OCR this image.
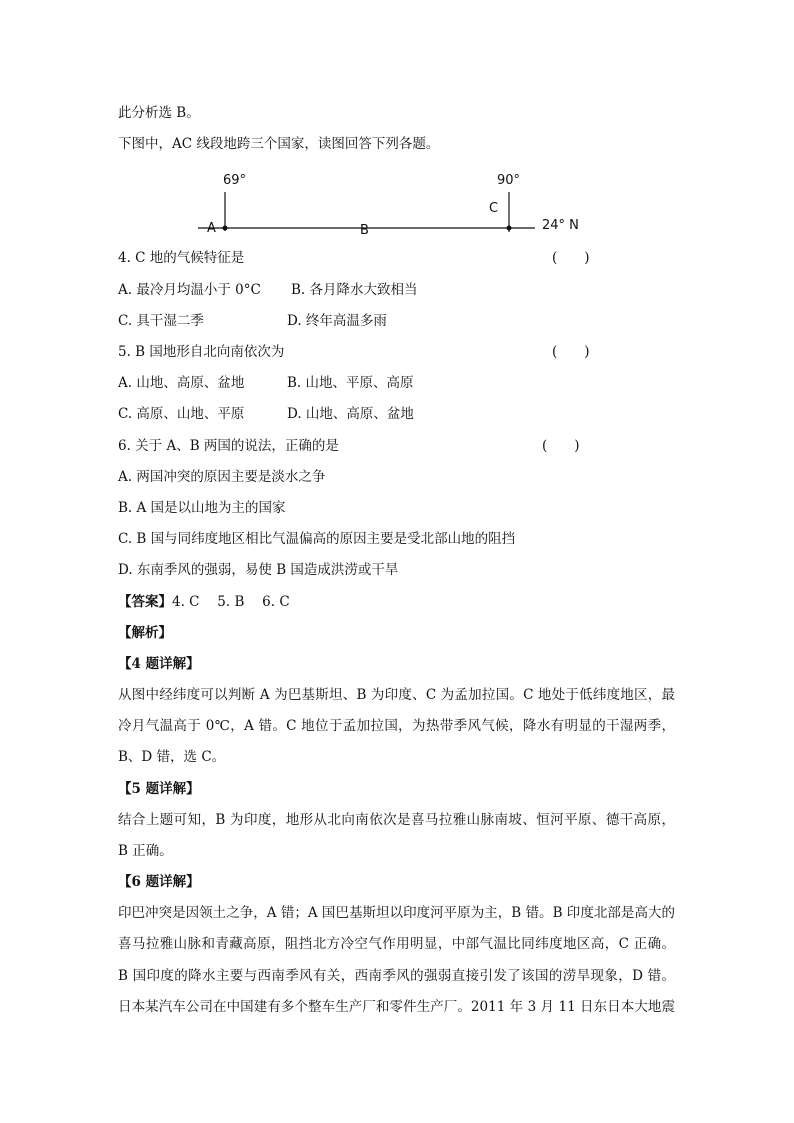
此分析选 B。
下图中，AC 线段地跨三个国家，读图回答下列各题。
69°	90°
A	B
C
24° N
4. C 地的气候特征是	(　　)
A. 最冷月均温小于 0°C B. 各月降水大致相当
C. 具干湿二季	D. 终年高温多雨
5. B 国地形自北向南依次为	(　　)
A. 山地、高原、盆地	B. 山地、平原、高原
C. 高原、山地、平原	D. 山地、高原、盆地
6. 关于 A、B 两国的说法，正确的是	(　　)
A. 两国冲突的原因主要是淡水之争
B. A 国是以山地为主的国家
C. B 国与同纬度地区相比气温偏高的原因主要是受北部山地的阻挡
D. 东南季风的强弱，易使 B 国造成洪涝或干旱
【答案】4. C　 5. B　 6. C
【解析】
【4 题详解】
从图中经纬度可以判断 A 为巴基斯坦、B 为印度、C 为孟加拉国。C 地处于低纬度地区，最
冷月气温高于 0℃，A 错。C 地位于孟加拉国，为热带季风气候，降水有明显的干湿两季，
B、D 错，选 C。
【5 题详解】
结合上题可知，B 为印度，地形从北向南依次是喜马拉雅山脉南坡、恒河平原、德干高原，
B 正确。
【6 题详解】
印巴冲突是因领土之争，A 错；A 国巴基斯坦以印度河平原为主，B 错。B 印度北部是高大的
喜马拉雅山脉和青藏高原，阻挡北方冷空气作用明显，中部气温比同纬度地区高，C 正确。
B 国印度的降水主要与西南季风有关，西南季风的强弱直接引发了该国的涝旱现象，D 错。
日本某汽车公司在中国建有多个整车生产厂和零件生产厂。2011 年 3 月 11 日东日本大地震
